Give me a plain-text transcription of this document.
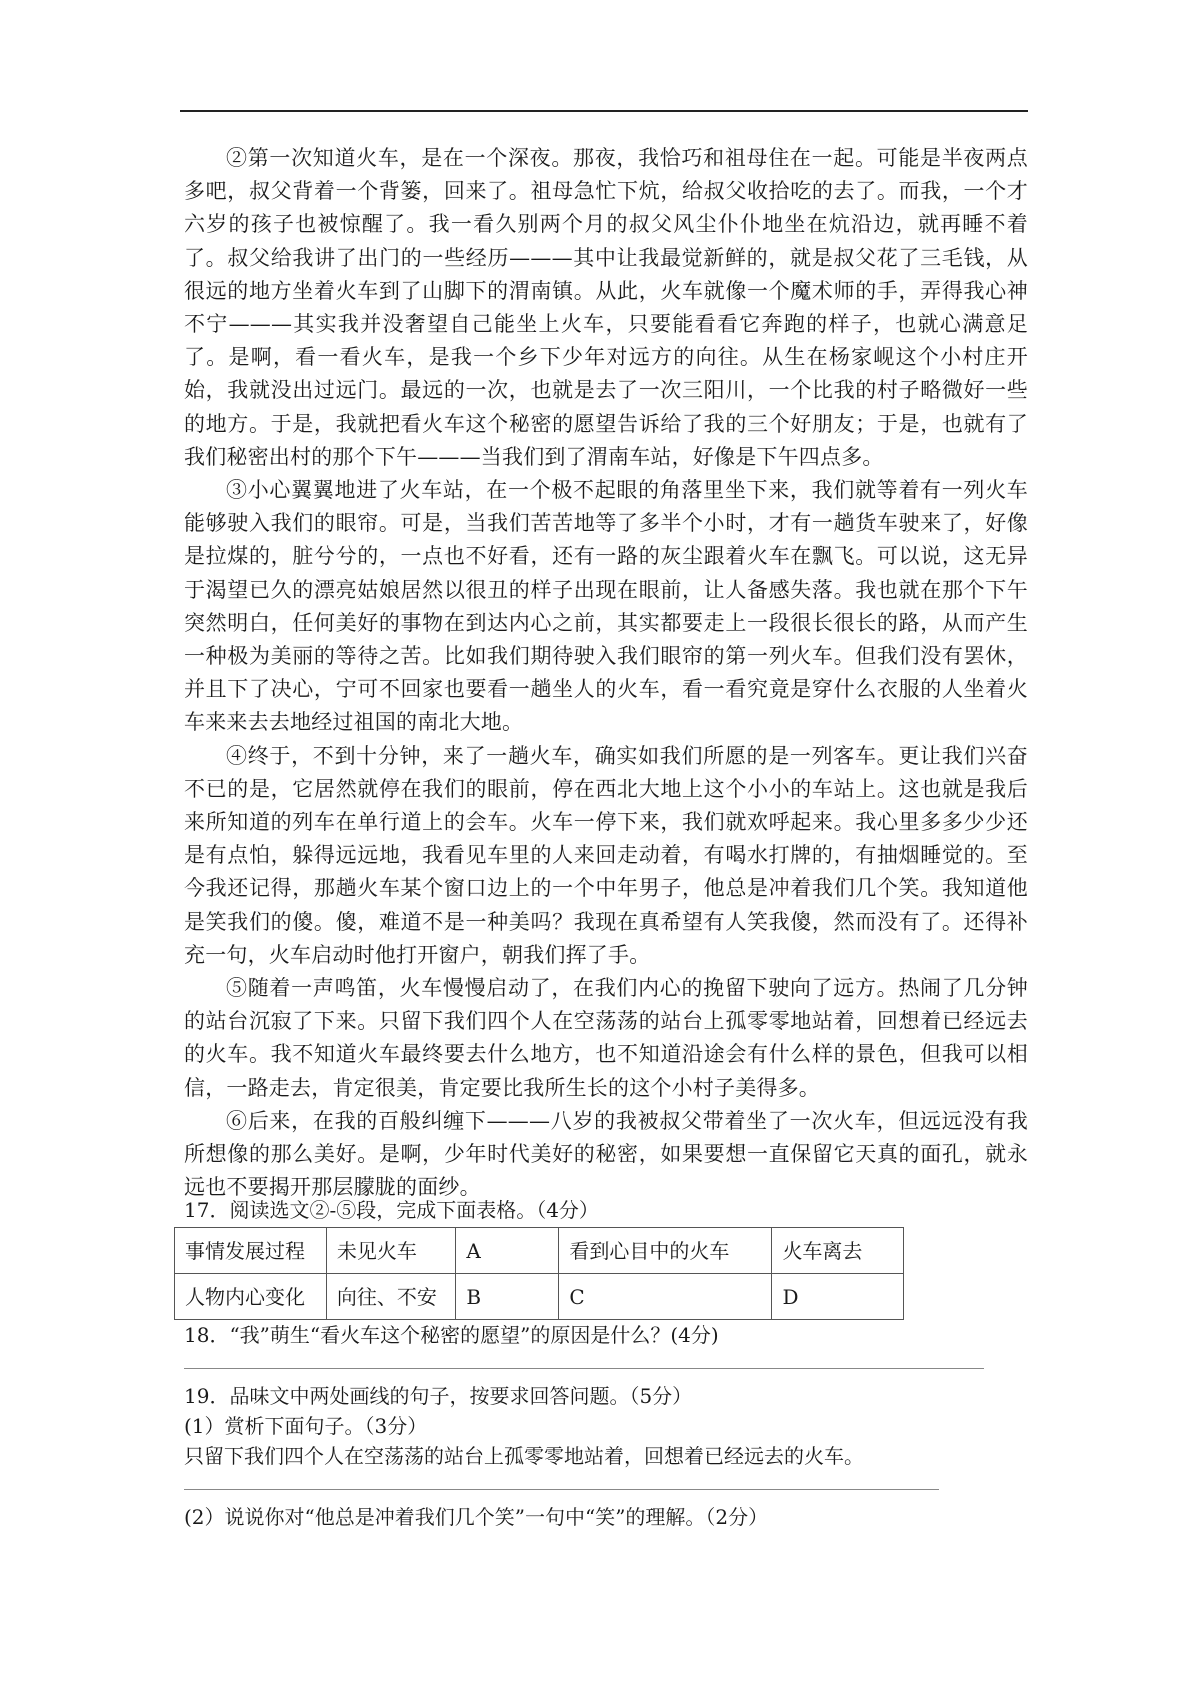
②第一次知道火车，是在一个深夜。那夜，我恰巧和祖母住在一起。可能是半夜两点多吧，叔父背着一个背篓，回来了。祖母急忙下炕，给叔父收拾吃的去了。而我，一个才六岁的孩子也被惊醒了。我一看久别两个月的叔父风尘仆仆地坐在炕沿边，就再睡不着了。叔父给我讲了出门的一些经历———其中让我最觉新鲜的，就是叔父花了三毛钱，从很远的地方坐着火车到了山脚下的渭南镇。从此，火车就像一个魔术师的手，弄得我心神不宁———其实我并没奢望自己能坐上火车，只要能看看它奔跑的样子，也就心满意足了。是啊，看一看火车，是我一个乡下少年对远方的向往。从生在杨家岘这个小村庄开始，我就没出过远门。最远的一次，也就是去了一次三阳川，一个比我的村子略微好一些的地方。于是，我就把看火车这个秘密的愿望告诉给了我的三个好朋友；于是，也就有了我们秘密出村的那个下午———当我们到了渭南车站，好像是下午四点多。

③小心翼翼地进了火车站，在一个极不起眼的角落里坐下来，我们就等着有一列火车能够驶入我们的眼帘。可是，当我们苦苦地等了多半个小时，才有一趟货车驶来了，好像是拉煤的，脏兮兮的，一点也不好看，还有一路的灰尘跟着火车在飘飞。可以说，这无异于渴望已久的漂亮姑娘居然以很丑的样子出现在眼前，让人备感失落。我也就在那个下午突然明白，任何美好的事物在到达内心之前，其实都要走上一段很长很长的路，从而产生一种极为美丽的等待之苦。比如我们期待驶入我们眼帘的第一列火车。但我们没有罢休，并且下了决心，宁可不回家也要看一趟坐人的火车，看一看究竟是穿什么衣服的人坐着火车来来去去地经过祖国的南北大地。

④终于，不到十分钟，来了一趟火车，确实如我们所愿的是一列客车。更让我们兴奋不已的是，它居然就停在我们的眼前，停在西北大地上这个小小的车站上。这也就是我后来所知道的列车在单行道上的会车。火车一停下来，我们就欢呼起来。我心里多多少少还是有点怕，躲得远远地，我看见车里的人来回走动着，有喝水打牌的，有抽烟睡觉的。至今我还记得，那趟火车某个窗口边上的一个中年男子，他总是冲着我们几个笑。我知道他是笑我们的傻。傻，难道不是一种美吗？我现在真希望有人笑我傻，然而没有了。还得补充一句，火车启动时他打开窗户，朝我们挥了手。

⑤随着一声鸣笛，火车慢慢启动了，在我们内心的挽留下驶向了远方。热闹了几分钟的站台沉寂了下来。只留下我们四个人在空荡荡的站台上孤零零地站着，回想着已经远去的火车。我不知道火车最终要去什么地方，也不知道沿途会有什么样的景色，但我可以相信，一路走去，肯定很美，肯定要比我所生长的这个小村子美得多。

⑥后来，在我的百般纠缠下———八岁的我被叔父带着坐了一次火车，但远远没有我所想像的那么美好。是啊，少年时代美好的秘密，如果要想一直保留它天真的面孔，就永远也不要揭开那层朦胧的面纱。

17．阅读选文②-⑤段，完成下面表格。（4分）

事情发展过程	未见火车	A	看到心目中的火车	火车离去
人物内心变化	向往、不安	B	C	D

18．“我”萌生“看火车这个秘密的愿望”的原因是什么？(4分)

19．品味文中两处画线的句子，按要求回答问题。（5分）

(1）赏析下面句子。（3分）

只留下我们四个人在空荡荡的站台上孤零零地站着，回想着已经远去的火车。

(2）说说你对“他总是冲着我们几个笑”一句中“笑”的理解。（2分）
